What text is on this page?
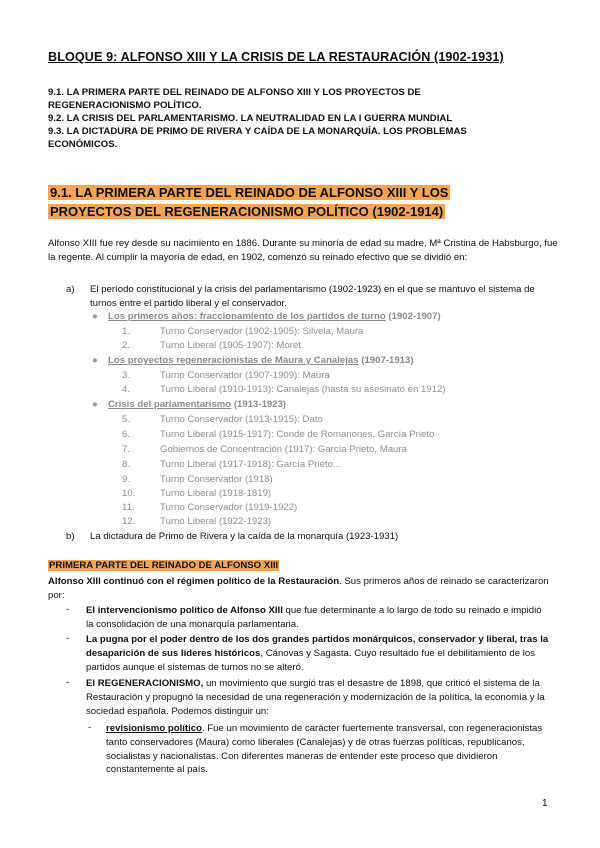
BLOQUE 9: ALFONSO XIII Y LA CRISIS DE LA RESTAURACIÓN (1902-1931)
9.1. LA PRIMERA PARTE DEL REINADO DE ALFONSO XIII Y LOS PROYECTOS DE
REGENERACIONISMO POLÍTICO.
9.2. LA CRISIS DEL PARLAMENTARISMO. LA NEUTRALIDAD EN LA I GUERRA MUNDIAL
9.3. LA DICTADURA DE PRIMO DE RIVERA Y CAÍDA DE LA MONARQUÍA. LOS PROBLEMAS
ECONÓMICOS.
9.1. LA PRIMERA PARTE DEL REINADO DE ALFONSO XIII Y LOS
PROYECTOS DEL REGENERACIONISMO POLÍTICO (1902-1914)
Alfonso XIII fue rey desde su nacimiento en 1886. Durante su minoría de edad su madre, Mª Cristina de Habsburgo, fue la regente. Al cumplir la mayoría de edad, en 1902, comenzó su reinado efectivo que se dividió en:
a) El período constitucional y la crisis del parlamentarismo (1902-1923) en el que se mantuvo el sistema de turnos entre el partido liberal y el conservador.
● Los primeros años: fraccionamiento de los partidos de turno (1902-1907)
1.	Turno Conservador (1902-1905): Silvela, Maura
2.	Turno Liberal (1905-1907): Moret
● Los proyectos regeneracionistas de Maura y Canalejas (1907-1913)
3.	Turno Conservador (1907-1909): Maura
4.	Turno Liberal (1910-1913): Canalejas (hasta su asesinato en 1912)
● Crisis del parlamentarismo (1913-1923)
5.	Turno Conservador (1913-1915): Dato
6.	Turno Liberal (1915-1917): Conde de Romanones, García Prieto
7.	Gobiernos de Concentración (1917): García Prieto, Maura
8.	Turno Liberal (1917-1918): García Prieto...
9.	Turno Conservador (1918)
10.	Turno Liberal (1918-1819)
11.	Turno Conservador (1919-1922)
12.	Turno Liberal (1922-1923)
b) La dictadura de Primo de Rivera y la caída de la monarquía (1923-1931)
PRIMERA PARTE DEL REINADO DE ALFONSO XIII
Alfonso XIII continuó con el régimen político de la Restauración. Sus primeros años de reinado se caracterizaron por:
- El intervencionismo político de Alfonso XIII que fue determinante a lo largo de todo su reinado e impidió la consolidación de una monarquía parlamentaria.
- La pugna por el poder dentro de los dos grandes partidos monárquicos, conservador y liberal, tras la desaparición de sus líderes históricos, Cánovas y Sagasta. Cuyo resultado fue el debilitamiento de los partidos aunque el sistemas de turnos no se alteró.
- El REGENERACIONISMO, un movimiento que surgió tras el desastre de 1898, que criticó el sistema de la Restauración y propugnó la necesidad de una regeneración y modernización de la política, la economía y la sociedad española. Podemos distinguir un:
- revisionismo político. Fue un movimiento de carácter fuertemente transversal, con regeneracionistas tanto conservadores (Maura) como liberales (Canalejas) y de otras fuerzas políticas, republicanos, socialistas y nacionalistas. Con diferentes maneras de entender este proceso que dividieron constantemente al país.
1
